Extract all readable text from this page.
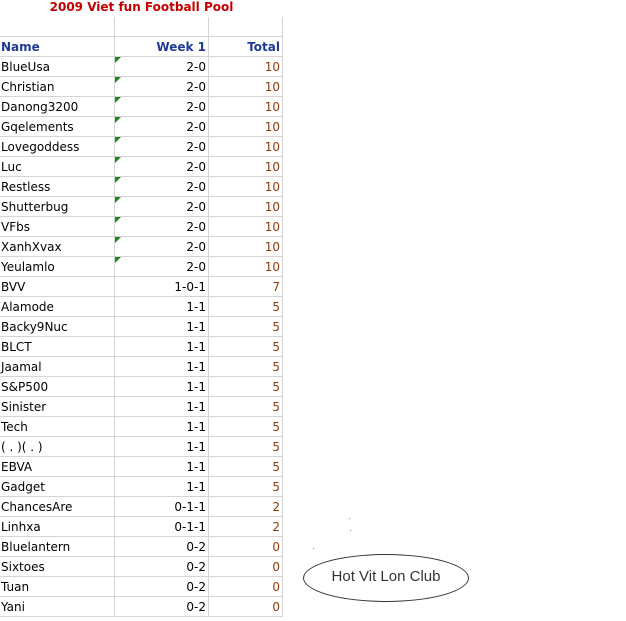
2009 Viet fun Football Pool
Name	Week 1	Total
BlueUsa	2-0	10
Christian	2-0	10
Danong3200	2-0	10
Gqelements	2-0	10
Lovegoddess	2-0	10
Luc	2-0	10
Restless	2-0	10
Shutterbug	2-0	10
VFbs	2-0	10
XanhXvax	2-0	10
Yeulamlo	2-0	10
BVV	1-0-1	7
Alamode	1-1	5
Backy9Nuc	1-1	5
BLCT	1-1	5
Jaamal	1-1	5
S&P500	1-1	5
Sinister	1-1	5
Tech	1-1	5
( . )( . )	1-1	5
EBVA	1-1	5
Gadget	1-1	5
ChancesAre	0-1-1	2
Linhxa	0-1-1	2
Bluelantern	0-2	0
Sixtoes	0-2	0
Tuan	0-2	0
Yani	0-2	0
Hot Vit Lon Club
